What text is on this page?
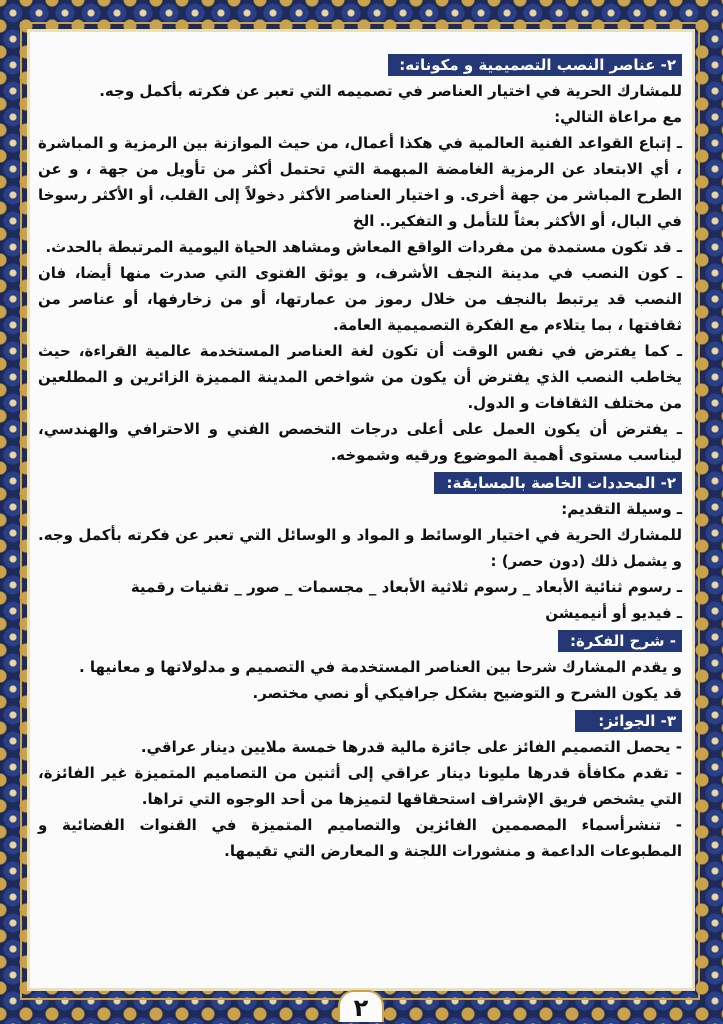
٢- عناصر النصب التصميمية و مكوناته:

للمشارك الحرية في اختيار العناصر في تصميمه التي تعبر عن فكرته بأكمل وجه.

مع مراعاة التالي:

ـ إتباع القواعد الفنية العالمية في هكذا أعمال، من حيث الموازنة بين الرمزية و المباشرة ، أي الابتعاد عن الرمزية الغامضة المبهمة التي تحتمل أكثر من تأويل من جهة ، و عن الطرح المباشر من جهة أخرى. و اختيار العناصر الأكثر دخولاً إلى القلب، أو الأكثر رسوخا في البال، أو الأكثر بعثاً للتأمل و التفكير.. الخ

ـ قد تكون مستمدة من مفردات الواقع المعاش ومشاهد الحياة اليومية المرتبطة بالحدث.

ـ كون النصب في مدينة النجف الأشرف، و يوثق الفتوى التي صدرت منها أيضا، فان النصب قد يرتبط بالنجف من خلال رموز من عمارتها، أو من زخارفها، أو عناصر من ثقافتها ، بما يتلاءم مع الفكرة التصميمية العامة.

ـ كما يفترض في نفس الوقت أن تكون لغة العناصر المستخدمة عالمية القراءة، حيث يخاطب النصب الذي يفترض أن يكون من شواخص المدينة المميزة الزائرين و المطلعين من مختلف الثقافات و الدول.

ـ يفترض أن يكون العمل على أعلى درجات التخصص الفني و الاحترافي والهندسي، ليناسب مستوى أهمية الموضوع ورقيه وشموخه.

٢- المحددات الخاصة بالمسابقة:

ـ وسيلة التقديم:

للمشارك الحرية في اختيار الوسائط و المواد و الوسائل التي تعبر عن فكرته بأكمل وجه. و يشمل ذلك (دون حصر) :

ـ رسوم ثنائية الأبعاد _ رسوم ثلاثية الأبعاد _ مجسمات _ صور _ تقنيات رقمية

ـ فيديو أو أنيميشن

- شرح الفكرة:

و يقدم المشارك شرحا بين العناصر المستخدمة في التصميم و مدلولاتها و معانيها .

قد يكون الشرح و التوضيح بشكل جرافيكي أو نصي مختصر.

٣- الجوائز:

- يحصل التصميم الفائز على جائزة مالية قدرها خمسة ملايين دينار عراقي.

- تقدم مكافأة قدرها مليونا دينار عراقي إلى أثنين من التصاميم المتميزة غير الفائزة، التي يشخص فريق الإشراف استحقاقها لتميزها من أحد الوجوه التي تراها.

- تنشرأسماء المصممين الفائزين والتصاميم المتميزة في القنوات الفضائية و المطبوعات الداعمة و منشورات اللجنة و المعارض التي تقيمها.

٢
